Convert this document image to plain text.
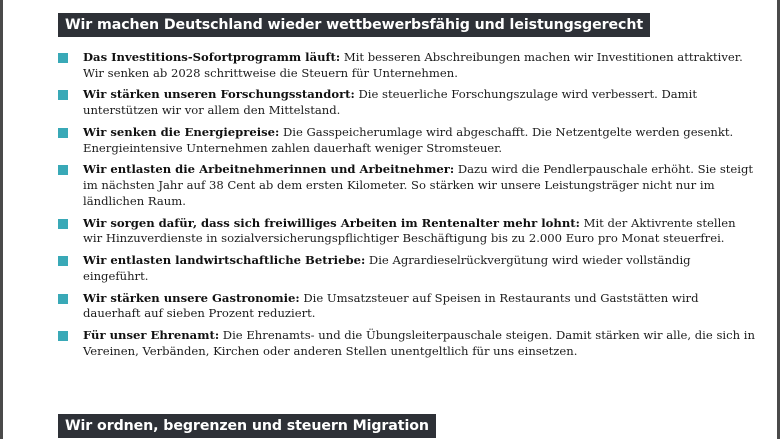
Wir machen Deutschland wieder wettbewerbsfähig und leistungsgerecht
Das Investitions-Sofortprogramm läuft: Mit besseren Abschreibungen machen wir Investitionen attraktiver. Wir senken ab 2028 schrittweise die Steuern für Unternehmen.
Wir stärken unseren Forschungsstandort: Die steuerliche Forschungszulage wird verbessert. Damit unterstützen wir vor allem den Mittelstand.
Wir senken die Energiepreise: Die Gasspeicherumlage wird abgeschafft. Die Netzentgelte werden gesenkt. Energieintensive Unternehmen zahlen dauerhaft weniger Stromsteuer.
Wir entlasten die Arbeitnehmerinnen und Arbeitnehmer: Dazu wird die Pendlerpauschale erhöht. Sie steigt im nächsten Jahr auf 38 Cent ab dem ersten Kilometer. So stärken wir unsere Leistungsträger nicht nur im ländlichen Raum.
Wir sorgen dafür, dass sich freiwilliges Arbeiten im Rentenalter mehr lohnt: Mit der Aktivrente stellen wir Hinzuverdienste in sozialversicherungspflichtiger Beschäftigung bis zu 2.000 Euro pro Monat steuerfrei.
Wir entlasten landwirtschaftliche Betriebe: Die Agrardieselrückvergütung wird wieder vollständig eingeführt.
Wir stärken unsere Gastronomie: Die Umsatzsteuer auf Speisen in Restaurants und Gaststätten wird dauerhaft auf sieben Prozent reduziert.
Für unser Ehrenamt: Die Ehrenamts- und die Übungsleiterpauschale steigen. Damit stärken wir alle, die sich in Vereinen, Verbänden, Kirchen oder anderen Stellen unentgeltlich für uns einsetzen.
Wir ordnen, begrenzen und steuern Migration
